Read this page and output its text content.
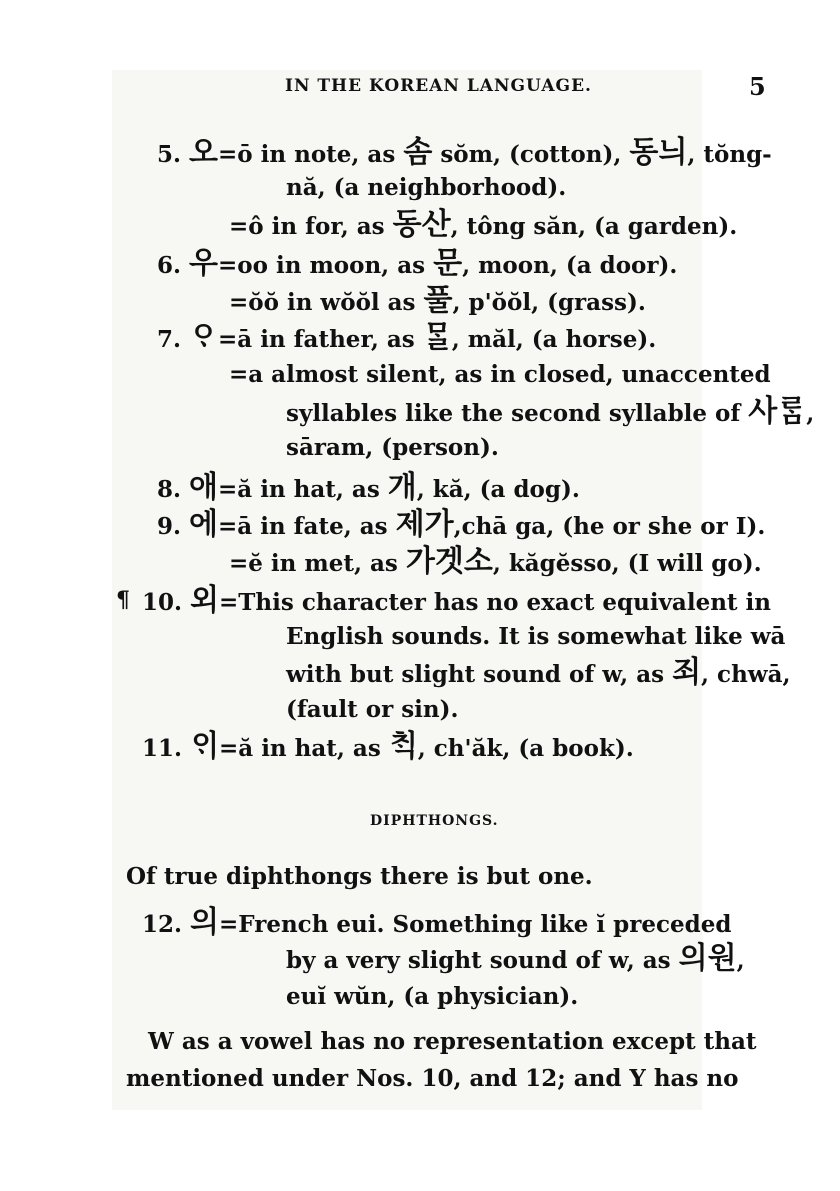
IN THE KOREAN LANGUAGE.	5
5. 오=ō in note, as 솜 sŏm, (cotton), 동늬, tŏng-
nă, (a neighborhood).
=ô in for, as 동산, tông săn, (a garden).
6. 우=oo in moon, as 문, moon, (a door).
=ŏŏ in wŏŏl as 풀, p'ŏŏl, (grass).
7. ᄋᆞ=ā in father, as ᄆᆞᆯ, măl, (a horse).
=a almost silent, as in closed, unaccented
syllables like the second syllable of 사ᄅᆞᆷ,
sāram, (person).
8. 애=ă in hat, as 개, kă, (a dog).
9. 에=ā in fate, as 제가,chā ga, (he or she or I).
=ĕ in met, as 가겟소, kăgĕsso, (I will go).
¶ 10. 외=This character has no exact equivalent in
English sounds. It is somewhat like wā
with but slight sound of w, as 죄, chwā,
(fault or sin).
11. ᄋᆡ=ă in hat, as ᄎᆡᆨ, ch'ăk, (a book).
DIPHTHONGS.
Of true diphthongs there is but one.
12. 의=French eui. Something like ĭ preceded
by a very slight sound of w, as 의원,
euĭ wŭn, (a physician).
W as a vowel has no representation except that
mentioned under Nos. 10, and 12; and Y has no
